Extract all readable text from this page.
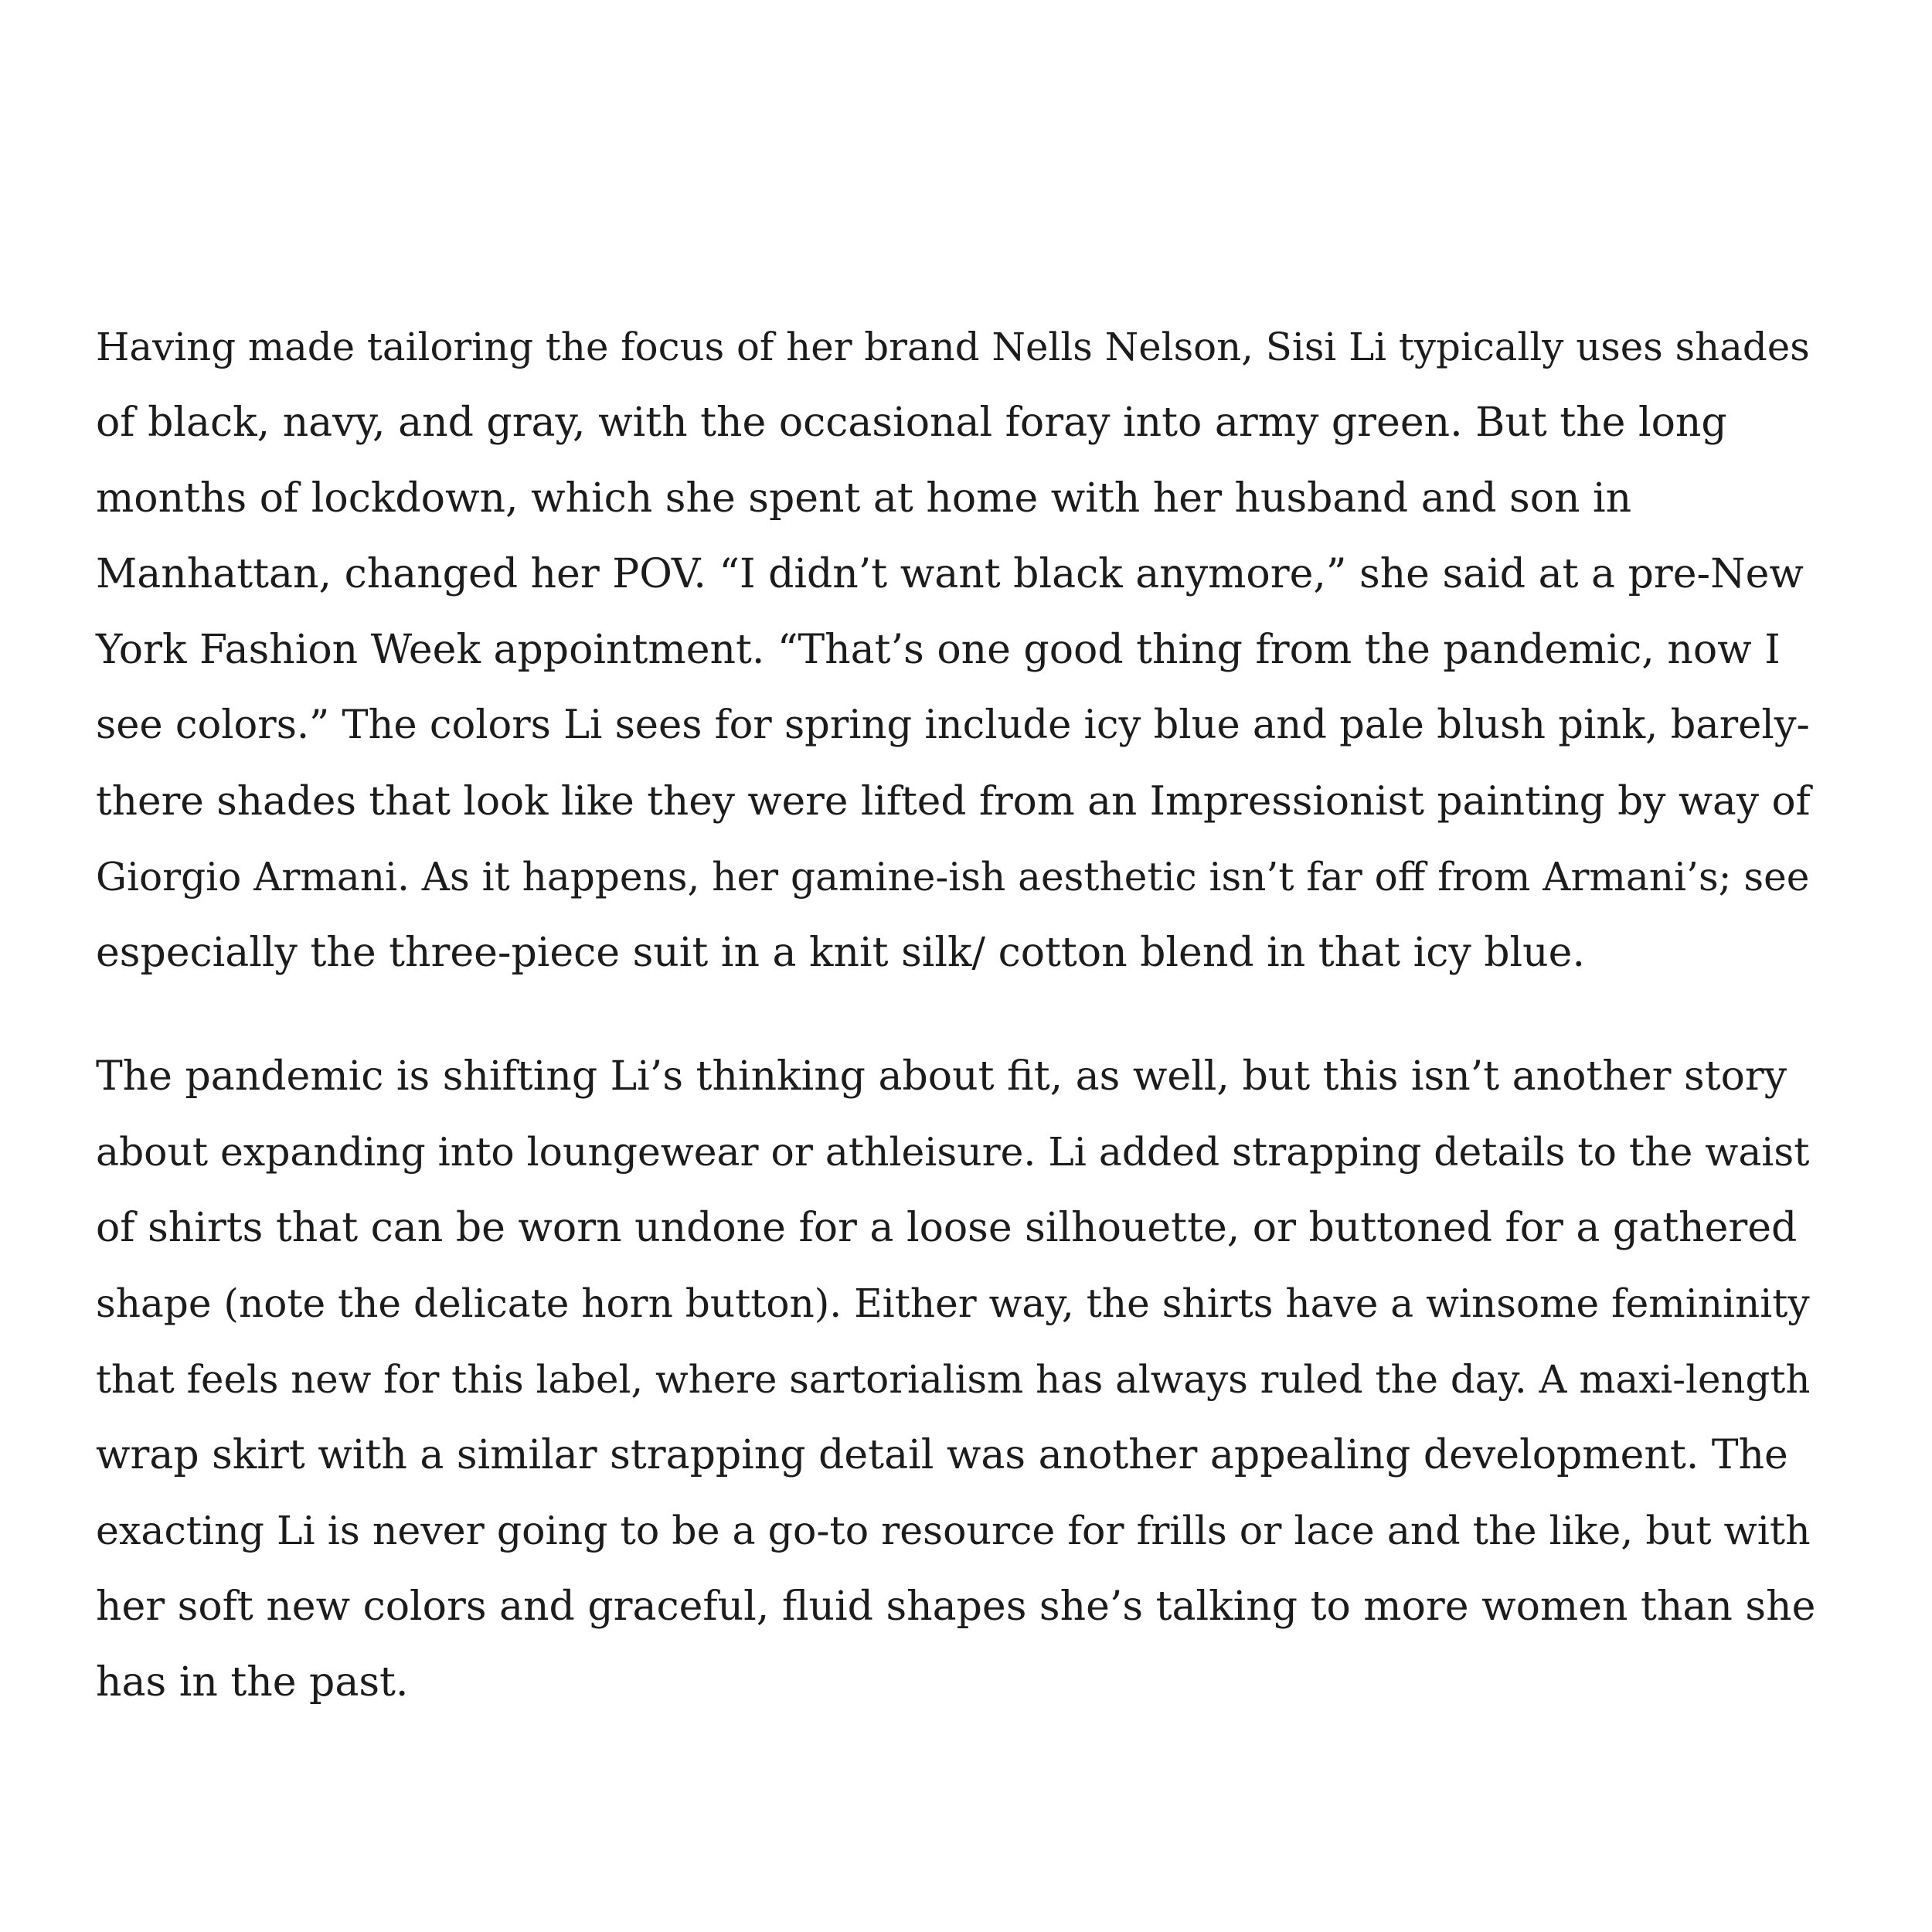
Having made tailoring the focus of her brand Nells Nelson, Sisi Li typically uses shades
of black, navy, and gray, with the occasional foray into army green. But the long
months of lockdown, which she spent at home with her husband and son in
Manhattan, changed her POV. “I didn’t want black anymore,” she said at a pre-New
York Fashion Week appointment. “That’s one good thing from the pandemic, now I
see colors.” The colors Li sees for spring include icy blue and pale blush pink, barely-
there shades that look like they were lifted from an Impressionist painting by way of
Giorgio Armani. As it happens, her gamine-ish aesthetic isn’t far off from Armani’s; see
especially the three-piece suit in a knit silk/ cotton blend in that icy blue.

The pandemic is shifting Li’s thinking about fit, as well, but this isn’t another story
about expanding into loungewear or athleisure. Li added strapping details to the waist
of shirts that can be worn undone for a loose silhouette, or buttoned for a gathered
shape (note the delicate horn button). Either way, the shirts have a winsome femininity
that feels new for this label, where sartorialism has always ruled the day. A maxi-length
wrap skirt with a similar strapping detail was another appealing development. The
exacting Li is never going to be a go-to resource for frills or lace and the like, but with
her soft new colors and graceful, fluid shapes she’s talking to more women than she
has in the past.
